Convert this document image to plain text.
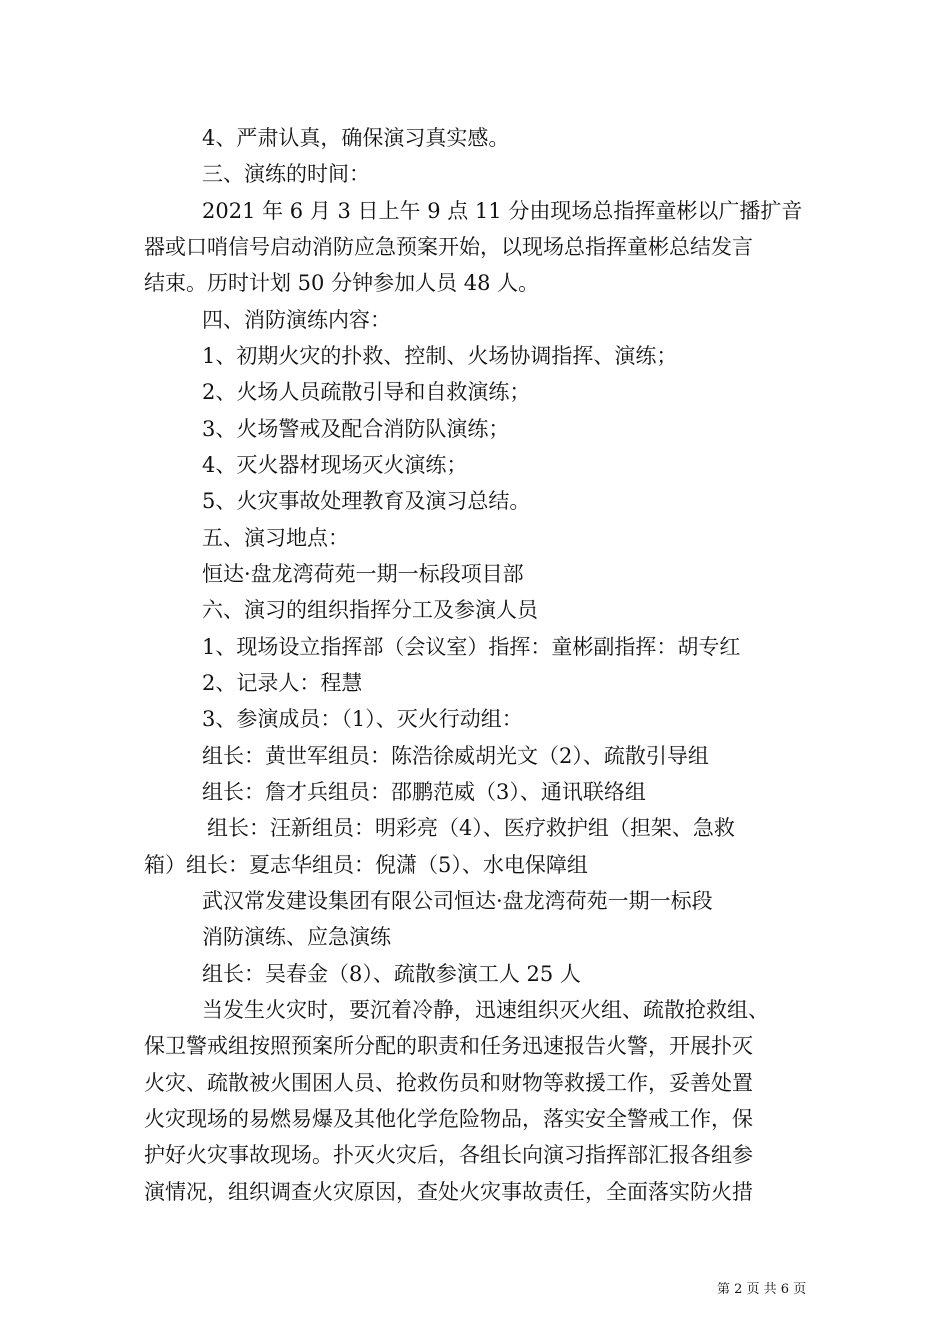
4、严肃认真，确保演习真实感。
三、演练的时间：
2021 年 6 月 3 日上午 9 点 11 分由现场总指挥童彬以广播扩音
器或口哨信号启动消防应急预案开始，以现场总指挥童彬总结发言
结束。历时计划 50 分钟参加人员 48 人。
四、消防演练内容：
1、初期火灾的扑救、控制、火场协调指挥、演练；
2、火场人员疏散引导和自救演练；
3、火场警戒及配合消防队演练；
4、灭火器材现场灭火演练；
5、火灾事故处理教育及演习总结。
五、演习地点：
恒达·盘龙湾荷苑一期一标段项目部
六、演习的组织指挥分工及参演人员
1、现场设立指挥部（会议室）指挥：童彬副指挥：胡专红
2、记录人：程慧
3、参演成员：（1）、灭火行动组：
组长：黄世军组员：陈浩徐威胡光文（2）、疏散引导组
组长：詹才兵组员：邵鹏范威（3）、通讯联络组
组长：汪新组员：明彩亮（4）、医疗救护组（担架、急救
箱）组长：夏志华组员：倪潇（5）、水电保障组
武汉常发建设集团有限公司恒达·盘龙湾荷苑一期一标段
消防演练、应急演练
组长：吴春金（8）、疏散参演工人 25 人
当发生火灾时，要沉着冷静，迅速组织灭火组、疏散抢救组、
保卫警戒组按照预案所分配的职责和任务迅速报告火警，开展扑灭
火灾、疏散被火围困人员、抢救伤员和财物等救援工作，妥善处置
火灾现场的易燃易爆及其他化学危险物品，落实安全警戒工作，保
护好火灾事故现场。扑灭火灾后，各组长向演习指挥部汇报各组参
演情况，组织调查火灾原因，查处火灾事故责任，全面落实防火措
第 2 页 共 6 页
